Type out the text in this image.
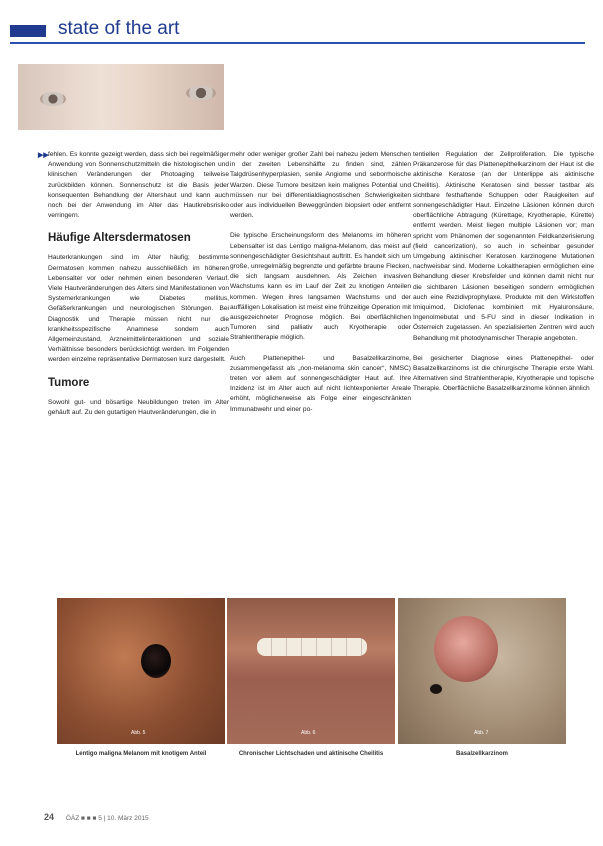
state of the art
▶▶ fehlen. Es konnte gezeigt werden, dass sich bei regelmäßiger Anwendung von Sonnenschutzmitteln die histologischen und klinischen Veränderungen der Photoaging teilweise zurückbilden können. Sonnenschutz ist die Basis jeder konsequenten Behandlung der Altershaut und kann auch noch bei der Anwendung im Alter das Hautkrebsrisiko verringern.

Häufige Altersdermatosen

Hauterkrankungen sind im Alter häufig; bestimmte Dermatosen kommen nahezu ausschließlich im höheren Lebensalter vor oder nehmen einen besonderen Verlauf. Viele Hautveränderungen des Alters sind Manifestationen von Systemerkrankungen wie Diabetes mellitus, Gefäßerkrankungen und neurologischen Störungen. Bei Diagnostik und Therapie müssen nicht nur die krankheitsspezifische Anamnese sondern auch Allgemeinzustand, Arzneimittelinteraktionen und soziale Verhältnisse besonders berücksichtigt werden. Im Folgenden werden einzelne repräsentative Dermatosen kurz dargestellt.

Tumore

Sowohl gut- und bösartige Neubildungen treten im Alter gehäuft auf. Zu den gutartigen Hautveränderungen, die in

mehr oder weniger großer Zahl bei nahezu jedem Menschen in der zweiten Lebenshälfte zu finden sind, zählen Talgdrüsenhyperplasien, senile Angiome und seborrhoische Warzen. Diese Tumore besitzen kein malignes Potential und müssen nur bei differentialdiagnostischen Schwierigkeiten oder aus individuellen Beweggründen biopsiert oder entfernt werden.

Die typische Erscheinungsform des Melanoms im höheren Lebensalter ist das Lentigo maligna-Melanom, das meist auf sonnengeschädigter Gesichtshaut auftritt. Es handelt sich um große, unregelmäßig begrenzte und gefärbte braune Flecken, die sich langsam ausdehnen. Als Zeichen invasiven Wachstums kann es im Lauf der Zeit zu knotigen Anteilen kommen. Wegen ihres langsamen Wachstums und der auffälligen Lokalisation ist meist eine frühzeitige Operation mit ausgezeichneter Prognose möglich. Bei oberflächlichen Tumoren sind palliativ auch Kryotherapie oder Strahlentherapie möglich.

Auch Plattenepithel- und Basalzellkarzinome, zusammengefasst als „non-melanoma skin cancer“, NMSC) treten vor allem auf sonnengeschädigter Haut auf. Ihre Inzidenz ist im Alter auch auf nicht lichtexponierter Areale erhöht, möglicherweise als Folge einer eingeschränkten Immunabwehr und einer po-

tentiellen Regulation der Zellproliferation. Die typische Präkanzerose für das Plattenepithelkarzinom der Haut ist die aktinische Keratose (an der Unterlippe als aktinische Cheilitis). Aktinische Keratosen sind besser tastbar als sichtbare festhaftende Schuppen oder Rauigkeiten auf sonnengeschädigter Haut. Einzelne Läsionen können durch oberflächliche Abtragung (Kürettage, Kryotherapie, Kürette) entfernt werden. Meist liegen multiple Läsionen vor; man spricht vom Phänomen der sogenannten Feldkanzerisierung (field cancerization), so auch in scheinbar gesunder Umgebung aktinischer Keratosen karzinogene Mutationen nachweisbar sind. Moderne Lokaltherapien ermöglichen eine Behandlung dieser Krebsfelder und können damit nicht nur die sichtbaren Läsionen beseitigen sondern ermöglichen auch eine Rezidivprophylaxe. Produkte mit den Wirkstoffen Imiquimod, Diclofenac kombiniert mit Hyaluronsäure, Ingenolmebutat und 5-FU sind in dieser Indikation in Österreich zugelassen. An spezialisierten Zentren wird auch Behandlung mit photodynamischer Therapie angeboten.

Bei gesicherter Diagnose eines Plattenepithel- oder Basalzellkarzinoms ist die chirurgische Therapie erste Wahl. Alternativen sind Strahlentherapie, Kryotherapie und topische Therapie. Oberflächliche Basalzellkarzinome können ähnlich

Abb. 5	Abb. 6	Abb. 7
Lentigo maligna Melanom mit knotigem Anteil	Chronischer Lichtschaden und aktinische Cheilitis	Basalzellkarzinom
24 ÖÄZ ■ ■ ■ 5 | 10. März 2015
